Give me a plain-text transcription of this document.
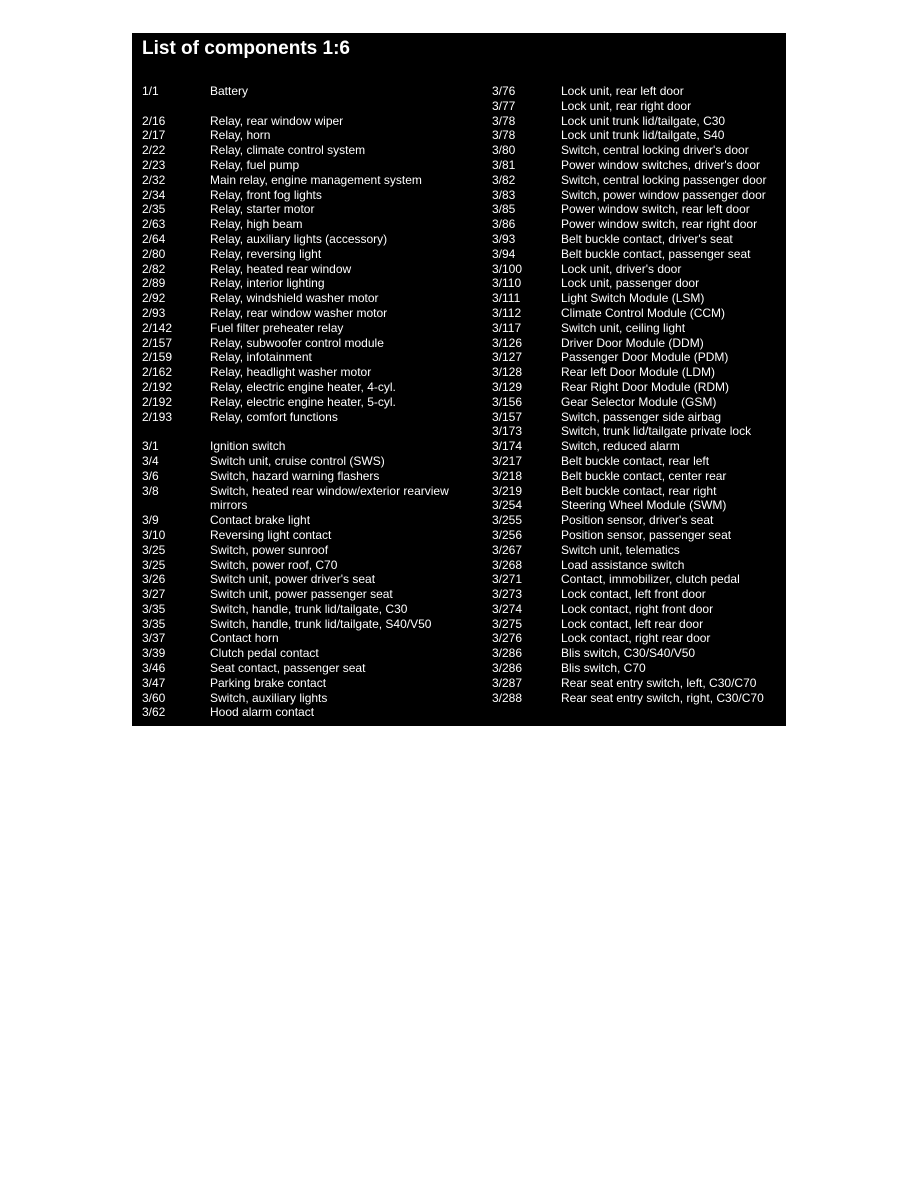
List of components 1:6
1/1	Battery
2/16	Relay, rear window wiper
2/17	Relay, horn
2/22	Relay, climate control system
2/23	Relay, fuel pump
2/32	Main relay, engine management system
2/34	Relay, front fog lights
2/35	Relay, starter motor
2/63	Relay, high beam
2/64	Relay, auxiliary lights (accessory)
2/80	Relay, reversing light
2/82	Relay, heated rear window
2/89	Relay, interior lighting
2/92	Relay, windshield washer motor
2/93	Relay, rear window washer motor
2/142	Fuel filter preheater relay
2/157	Relay, subwoofer control module
2/159	Relay, infotainment
2/162	Relay, headlight washer motor
2/192	Relay, electric engine heater, 4-cyl.
2/192	Relay, electric engine heater, 5-cyl.
2/193	Relay, comfort functions
3/1	Ignition switch
3/4	Switch unit, cruise control (SWS)
3/6	Switch, hazard warning flashers
3/8	Switch, heated rear window/exterior rearview
mirrors
3/9	Contact brake light
3/10	Reversing light contact
3/25	Switch, power sunroof
3/25	Switch, power roof, C70
3/26	Switch unit, power driver's seat
3/27	Switch unit, power passenger seat
3/35	Switch, handle, trunk lid/tailgate, C30
3/35	Switch, handle, trunk lid/tailgate, S40/V50
3/37	Contact horn
3/39	Clutch pedal contact
3/46	Seat contact, passenger seat
3/47	Parking brake contact
3/60	Switch, auxiliary lights
3/62	Hood alarm contact
3/76	Lock unit, rear left door
3/77	Lock unit, rear right door
3/78	Lock unit trunk lid/tailgate, C30
3/78	Lock unit trunk lid/tailgate, S40
3/80	Switch, central locking driver's door
3/81	Power window switches, driver's door
3/82	Switch, central locking passenger door
3/83	Switch, power window passenger door
3/85	Power window switch, rear left door
3/86	Power window switch, rear right door
3/93	Belt buckle contact, driver's seat
3/94	Belt buckle contact, passenger seat
3/100	Lock unit, driver's door
3/110	Lock unit, passenger door
3/111	Light Switch Module (LSM)
3/112	Climate Control Module (CCM)
3/117	Switch unit, ceiling light
3/126	Driver Door Module (DDM)
3/127	Passenger Door Module (PDM)
3/128	Rear left Door Module (LDM)
3/129	Rear Right Door Module (RDM)
3/156	Gear Selector Module (GSM)
3/157	Switch, passenger side airbag
3/173	Switch, trunk lid/tailgate private lock
3/174	Switch, reduced alarm
3/217	Belt buckle contact, rear left
3/218	Belt buckle contact, center rear
3/219	Belt buckle contact, rear right
3/254	Steering Wheel Module (SWM)
3/255	Position sensor, driver's seat
3/256	Position sensor, passenger seat
3/267	Switch unit, telematics
3/268	Load assistance switch
3/271	Contact, immobilizer, clutch pedal
3/273	Lock contact, left front door
3/274	Lock contact, right front door
3/275	Lock contact, left rear door
3/276	Lock contact, right rear door
3/286	Blis switch, C30/S40/V50
3/286	Blis switch, C70
3/287	Rear seat entry switch, left, C30/C70
3/288	Rear seat entry switch, right, C30/C70
